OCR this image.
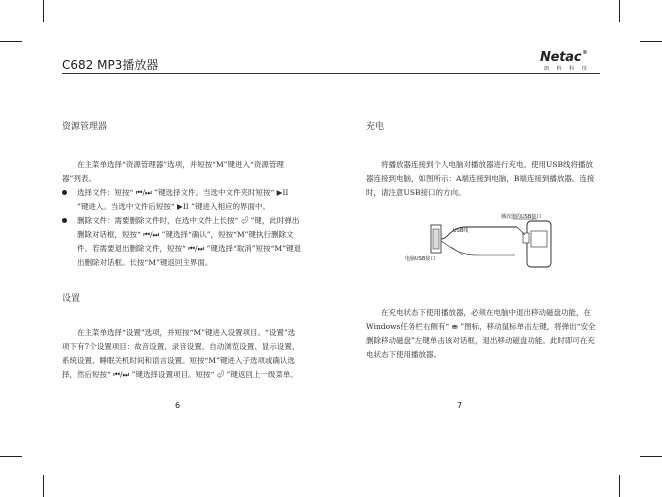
C682 MP3播放器	Netac®
朗 科 科 技
资源管理器

在主菜单选择“资源管理器”选项，并短按“M”键进入“资源管理器”列表。

选择文件：短按“ ⏮/⏭ ”键选择文件。当选中文件夹时短按“ ▶II ”键进入。当选中文件后短按“ ▶II ”键进入相应的界面中。

删除文件：需要删除文件时，在选中文件上长按“ ⏎ ”键，此时弹出删除对话框，短按“ ⏮/⏭ ”键选择“确认”，短按“M”键执行删除文件。若需要退出删除文件，短按“ ⏮/⏭ ”键选择“取消”短按“M”键退出删除对话框。长按“M”键返回主界面。

设置

在主菜单选择“设置”选项，并短按“M”键进入设置项目。“设置”选项下有7个设置项目：故音设置、录音设置、自动浏览设置、显示设置、系统设置、睡眠关机时间和语言设置。短按“M”键进入子选项或确认选择，然后短按“ ⏮/⏭ ”键选择设置项目。短按“ ⏎ ”键返回上一级菜单。

6
充电

将播放器连接到个人电脑对播放器进行充电。使用USB线将播放器连接到电脑，如图所示：A端连接到电脑，B端连接到播放器。连接时，请注意USB接口的方向。

播放器的USB接口
USB线
电脑USB接口

在充电状态下使用播放器，必须在电脑中退出移动磁盘功能，在Windows任务栏右侧有“ ⛂ ”图标，移动鼠标单击左键，将弹出“安全删除移动磁盘”左键单击该对话框，退出移动磁盘功能。此时即可在充电状态下使用播放器。

7
